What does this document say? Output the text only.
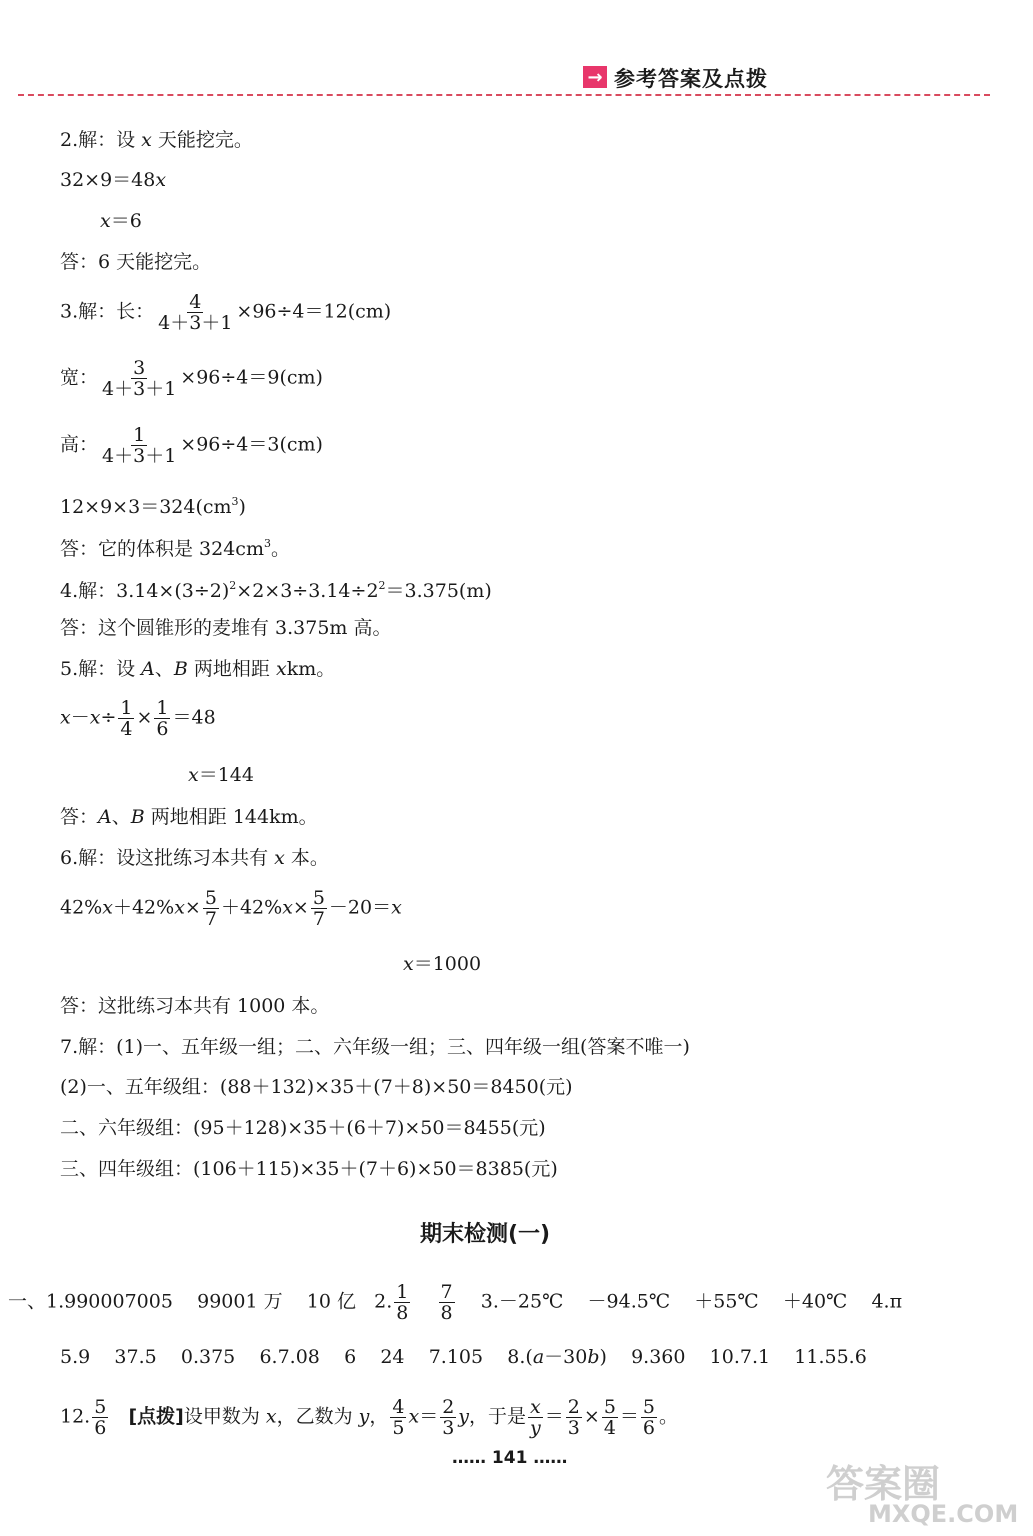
→ 参考答案及点拨
2.解：设 x 天能挖完。
32×9＝48x
x＝6
答：6 天能挖完。
3.解：长： $\frac{4}{4+3+1} \times 96\div 4=12(cm)$
宽： $\frac{3}{4+3+1} \times 96\div 4=9(cm)$
高： $\frac{1}{4+3+1} \times 96\div 4=3(cm)$
$12\times 9\times 3=324(cm^3)$
答：它的体积是 $324cm^3$。
4.解：$3.14\times(3\div 2)^2\times 2\times 3\div 3.14\div 2^2=3.375(m)$
答：这个圆锥形的麦堆有 3.375m 高。
5.解：设 A、B 两地相距 xkm。
$x-x\div \frac{1}{4} \times \frac{1}{6} =48$
x＝144
答：A、B 两地相距 144km。
6.解：设这批练习本共有 x 本。
$42\%x+42\%x\times \frac{5}{7} +42\%x\times \frac{5}{7} -20=x$
x＝1000
答：这批练习本共有 1000 本。
7.解：(1)一、五年级一组；二、六年级一组；三、四年级一组(答案不唯一)
(2)一、五年级组：(88＋132)×35＋(7＋8)×50＝8450(元)
二、六年级组：(95＋128)×35＋(6＋7)×50＝8455(元)
三、四年级组：(106＋115)×35＋(7＋6)×50＝8385(元)
期末检测(一)
一、1.990007005 99001 万 10 亿 2. $\frac{1}{8}$
$\frac{7}{8}$ 3.－25℃ －94.5℃ ＋55℃ ＋40℃ 4.π
5.9 37.5 0.375 6.7.08 6 24 7.105 8.(a－30b) 9.360 10.7.1 11.55.6
12. $\frac{5}{6}$ [点拨]设甲数为 x，乙数为 y， $\frac{4}{5} x= \frac{2}{3}$ y，于是 $\frac{x}{y} = \frac{2}{3} \times \frac{5}{4} = \frac{5}{6}$ 。
…… 141 ……
答案圈
MXQE.COM
